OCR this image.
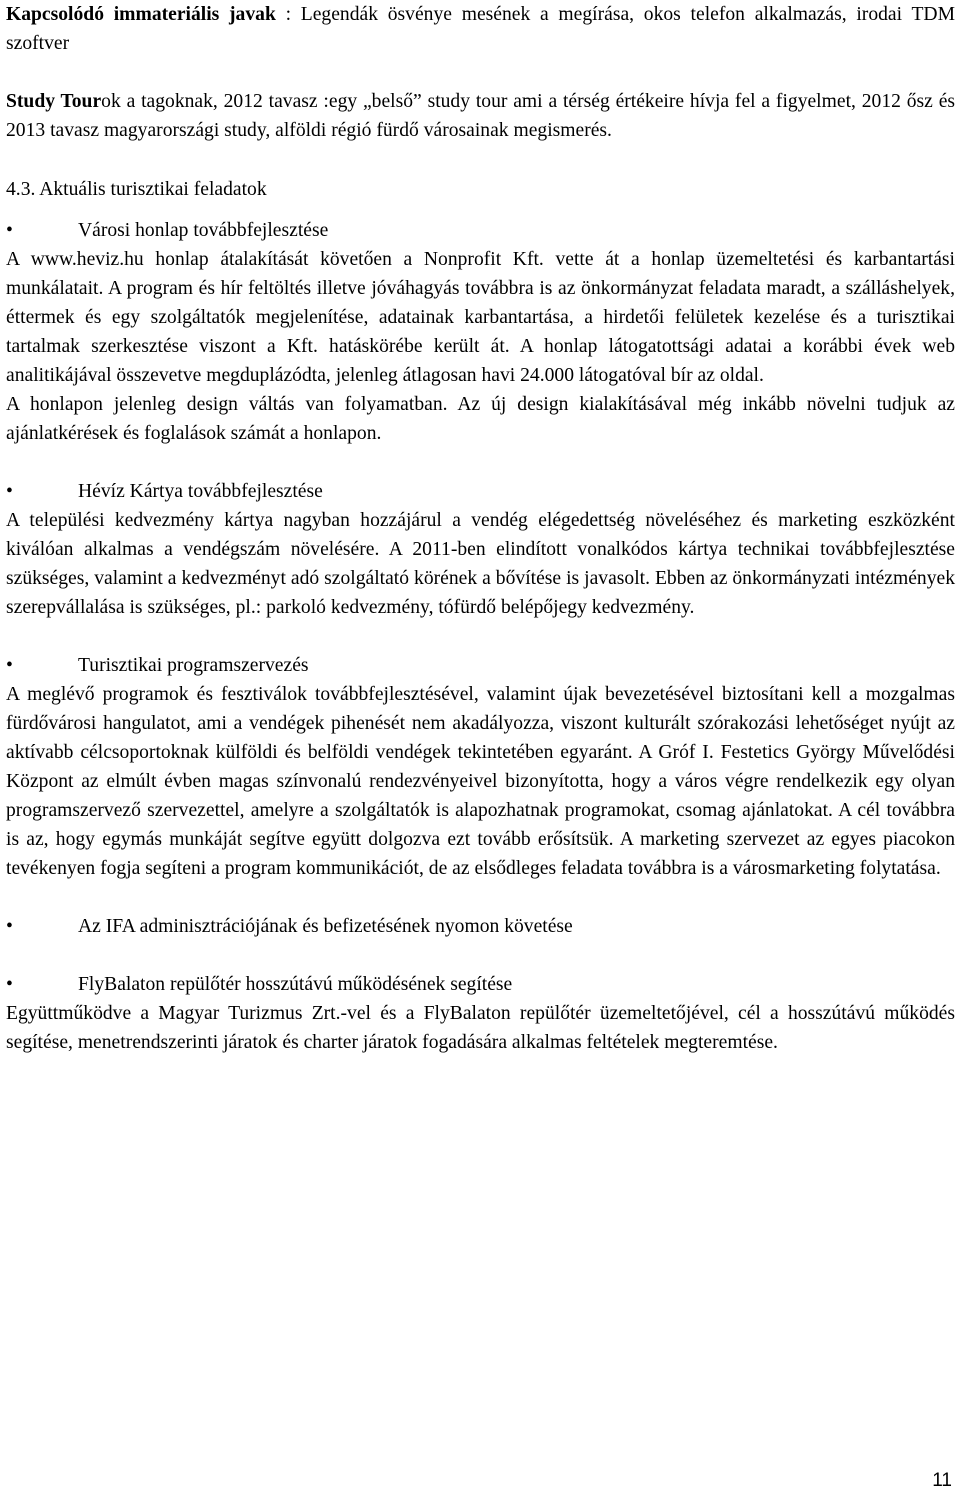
Kapcsolódó immateriális javak : Legendák ösvénye mesének a megírása, okos telefon alkalmazás, irodai TDM szoftver

Study Tourok a tagoknak, 2012 tavasz :egy „belső” study tour ami a térség értékeire hívja fel a figyelmet, 2012 ősz és 2013 tavasz magyarországi study, alföldi régió fürdő városainak megismerés.

4.3. Aktuális turisztikai feladatok
•	Városi honlap továbbfejlesztése

A www.heviz.hu honlap átalakítását követően a Nonprofit Kft. vette át a honlap üzemeltetési és karbantartási munkálatait. A program és hír feltöltés illetve jóváhagyás továbbra is az önkormányzat feladata maradt, a szálláshelyek, éttermek és egy szolgáltatók megjelenítése, adatainak karbantartása, a hirdetői felületek kezelése és a turisztikai tartalmak szerkesztése viszont a Kft. hatáskörébe került át. A honlap látogatottsági adatai a korábbi évek web analitikájával összevetve megduplázódta, jelenleg átlagosan havi 24.000 látogatóval bír az oldal.

A honlapon jelenleg design váltás van folyamatban. Az új design kialakításával még inkább növelni tudjuk az ajánlatkérések és foglalások számát a honlapon.

•	Hévíz Kártya továbbfejlesztése

A települési kedvezmény kártya nagyban hozzájárul a vendég elégedettség növeléséhez és marketing eszközként kiválóan alkalmas a vendégszám növelésére. A 2011-ben elindított vonalkódos kártya technikai továbbfejlesztése szükséges, valamint a kedvezményt adó szolgáltató körének a bővítése is javasolt. Ebben az önkormányzati intézmények szerepvállalása is szükséges, pl.: parkoló kedvezmény, tófürdő belépőjegy kedvezmény.

•	Turisztikai programszervezés

A meglévő programok és fesztiválok továbbfejlesztésével, valamint újak bevezetésével biztosítani kell a mozgalmas fürdővárosi hangulatot, ami a vendégek pihenését nem akadályozza, viszont kulturált szórakozási lehetőséget nyújt az aktívabb célcsoportoknak külföldi és belföldi vendégek tekintetében egyaránt. A Gróf I. Festetics György Művelődési Központ az elmúlt évben magas színvonalú rendezvényeivel bizonyította, hogy a város végre rendelkezik egy olyan programszervező szervezettel, amelyre a szolgáltatók is alapozhatnak programokat, csomag ajánlatokat. A cél továbbra is az, hogy egymás munkáját segítve együtt dolgozva ezt tovább erősítsük. A marketing szervezet az egyes piacokon tevékenyen fogja segíteni a program kommunikációt, de az elsődleges feladata továbbra is a városmarketing folytatása.

•	Az IFA adminisztrációjának és befizetésének nyomon követése
•	FlyBalaton repülőtér hosszútávú működésének segítése

Együttműködve a Magyar Turizmus Zrt.-vel és a FlyBalaton repülőtér üzemeltetőjével, cél a hosszútávú működés segítése, menetrendszerinti járatok és charter járatok fogadására alkalmas feltételek megteremtése.

11
